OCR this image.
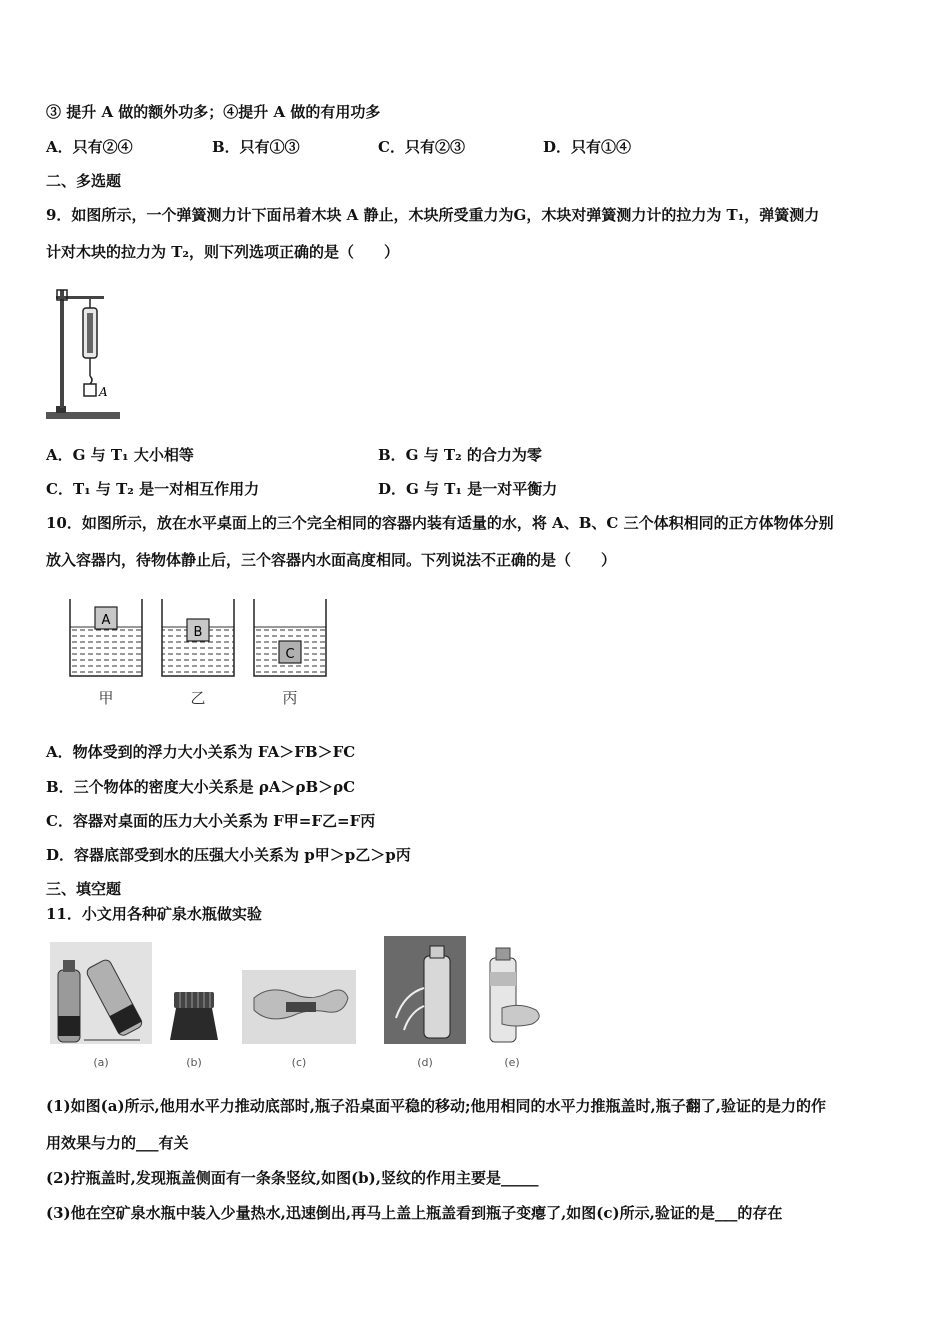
③ 提升 A 做的额外功多；④提升 A 做的有用功多
A．只有②④	B．只有①③	C．只有②③	D．只有①④
二、多选题
9．如图所示，一个弹簧测力计下面吊着木块 A 静止，木块所受重力为G，木块对弹簧测力计的拉力为 T₁，弹簧测力
计对木块的拉力为 T₂，则下列选项正确的是（　　）
A
A．G 与 T₁ 大小相等	B．G 与 T₂ 的合力为零
C．T₁ 与 T₂ 是一对相互作用力	D．G 与 T₁ 是一对平衡力
10．如图所示，放在水平桌面上的三个完全相同的容器内装有适量的水，将 A、B、C 三个体积相同的正方体物体分别
放入容器内，待物体静止后，三个容器内水面高度相同。下列说法不正确的是（　　）
A
B
C
甲	乙	丙
A．物体受到的浮力大小关系为 FA＞FB＞FC
B．三个物体的密度大小关系是 ρA＞ρB＞ρC
C．容器对桌面的压力大小关系为 F甲=F乙=F丙
D．容器底部受到水的压强大小关系为 p甲＞p乙＞p丙
三、填空题
11．小文用各种矿泉水瓶做实验
(a)	(b)	(c)	(d)	(e)
(1)如图(a)所示,他用水平力推动底部时,瓶子沿桌面平稳的移动;他用相同的水平力推瓶盖时,瓶子翻了,验证的是力的作
用效果与力的___有关
(2)拧瓶盖时,发现瓶盖侧面有一条条竖纹,如图(b),竖纹的作用主要是_____
(3)他在空矿泉水瓶中装入少量热水,迅速倒出,再马上盖上瓶盖看到瓶子变瘪了,如图(c)所示,验证的是___的存在
